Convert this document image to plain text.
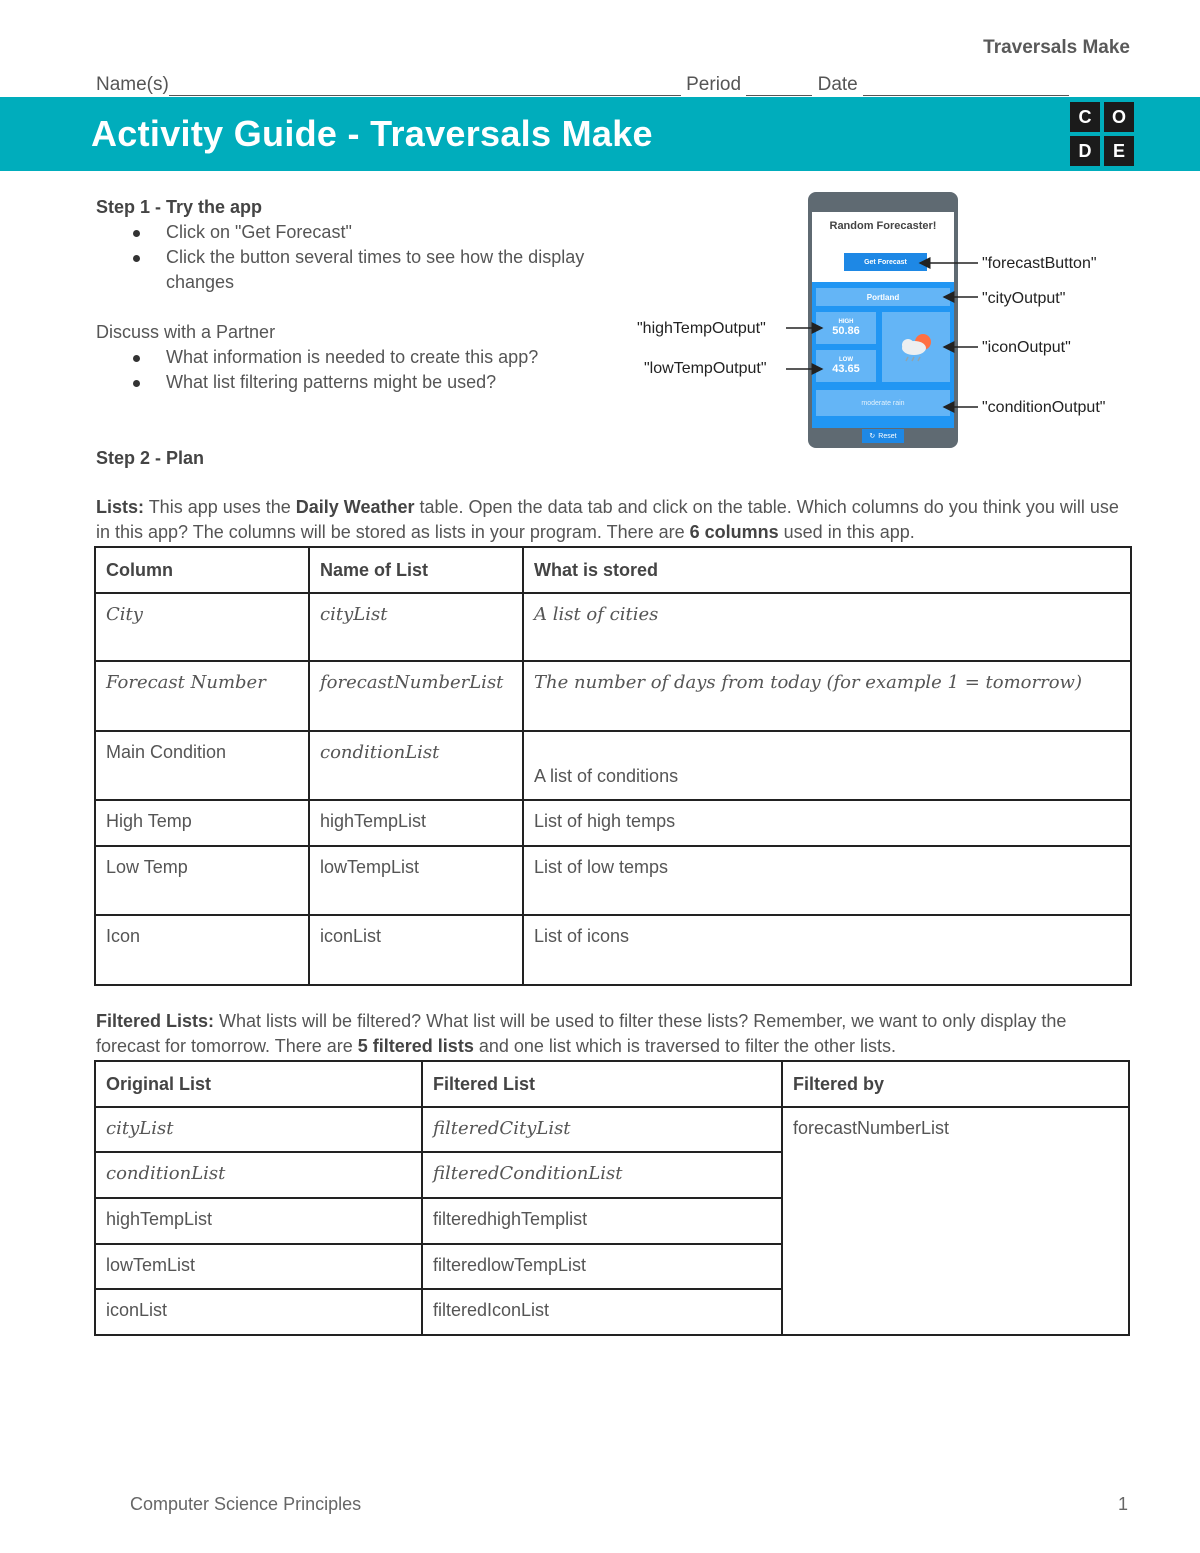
Traversals Make
Name(s)	Period	Date
Activity Guide - Traversals Make	C	O
D	E
Step 1 - Try the app
Click on "Get Forecast"
Click the button several times to see how the display changes
Discuss with a Partner
What information is needed to create this app?
What list filtering patterns might be used?
Random Forecaster!
Get Forecast
Portland
HIGH
50.86
LOW
43.65
moderate rain
↻ Reset
"forecastButton"
"cityOutput"
"iconOutput"
"conditionOutput"
"highTempOutput"
"lowTempOutput"
Step 2 - Plan
Lists: This app uses the Daily Weather table. Open the data tab and click on the table. Which columns do you think you will use in this app? The columns will be stored as lists in your program. There are 6 columns used in this app.
Column	Name of List	What is stored
City	cityList	A list of cities
Forecast Number	forecastNumberList	The number of days from today (for example 1 = tomorrow)
Main Condition	conditionList	A list of conditions
High Temp	highTempList	List of high temps
Low Temp	lowTempList	List of low temps
Icon	iconList	List of icons
Filtered Lists: What lists will be filtered? What list will be used to filter these lists? Remember, we want to only display the forecast for tomorrow. There are 5 filtered lists and one list which is traversed to filter the other lists.
Original List	Filtered List	Filtered by
cityList	filteredCityList	forecastNumberList
conditionList	filteredConditionList	
highTempList	filteredhighTemplist	
lowTemList	filteredlowTempList	
iconList	filteredIconList	
Computer Science Principles	1
